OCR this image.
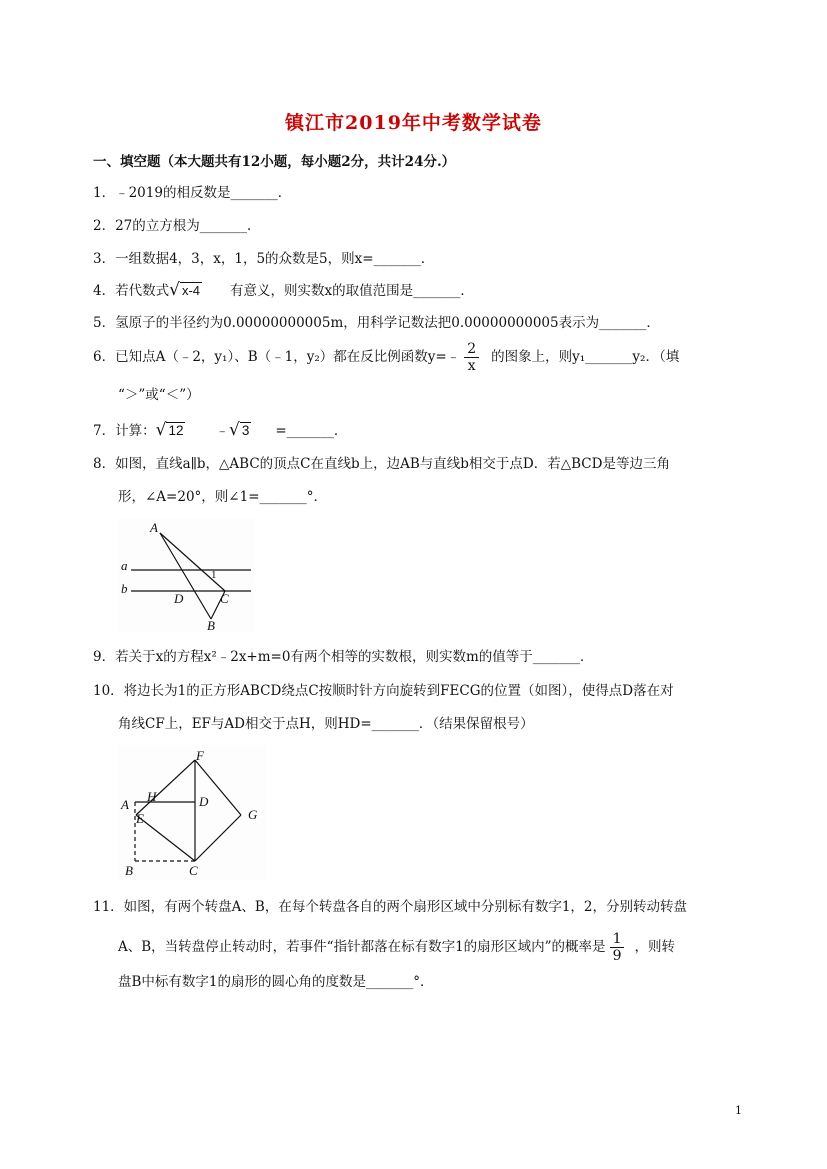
镇江市2019年中考数学试卷
一、填空题（本大题共有12小题，每小题2分，共计24分.）
1．﹣2019的相反数是_______．
2．27的立方根为_______．
3．一组数据4，3，x，1，5的众数是5，则x=_______．
4．若代数式√ x-4 有意义，则实数x的取值范围是_______．
5．氢原子的半径约为0.00000000005m，用科学记数法把0.00000000005表示为_______．
6．已知点A（﹣2，y₁）、B（﹣1，y₂）都在反比例函数y=﹣ $\frac{2}{x}$ 的图象上，则y₁_______y₂．（填
“＞”或“＜”）
7．计算：√ 12 ﹣√ 3 =_______．
8．如图，直线a∥b，△ABC的顶点C在直线b上，边AB与直线b相交于点D．若△BCD是等边三角
形，∠A=20°，则∠1=_______°．
A
a
b
1
D	C
B
9．若关于x的方程x²﹣2x+m=0有两个相等的实数根，则实数m的值等于_______．
10．将边长为1的正方形ABCD绕点C按顺时针方向旋转到FECG的位置（如图），使得点D落在对
角线CF上，EF与AD相交于点H，则HD=_______．（结果保留根号）
F
H	D
A
E	G
B	C
11．如图，有两个转盘A、B，在每个转盘各自的两个扇形区域中分别标有数字1，2，分别转动转盘
A、B，当转盘停止转动时，若事件“指针都落在标有数字1的扇形区域内”的概率是 $\frac{1}{9}$ ，则转
盘B中标有数字1的扇形的圆心角的度数是_______°．
1
